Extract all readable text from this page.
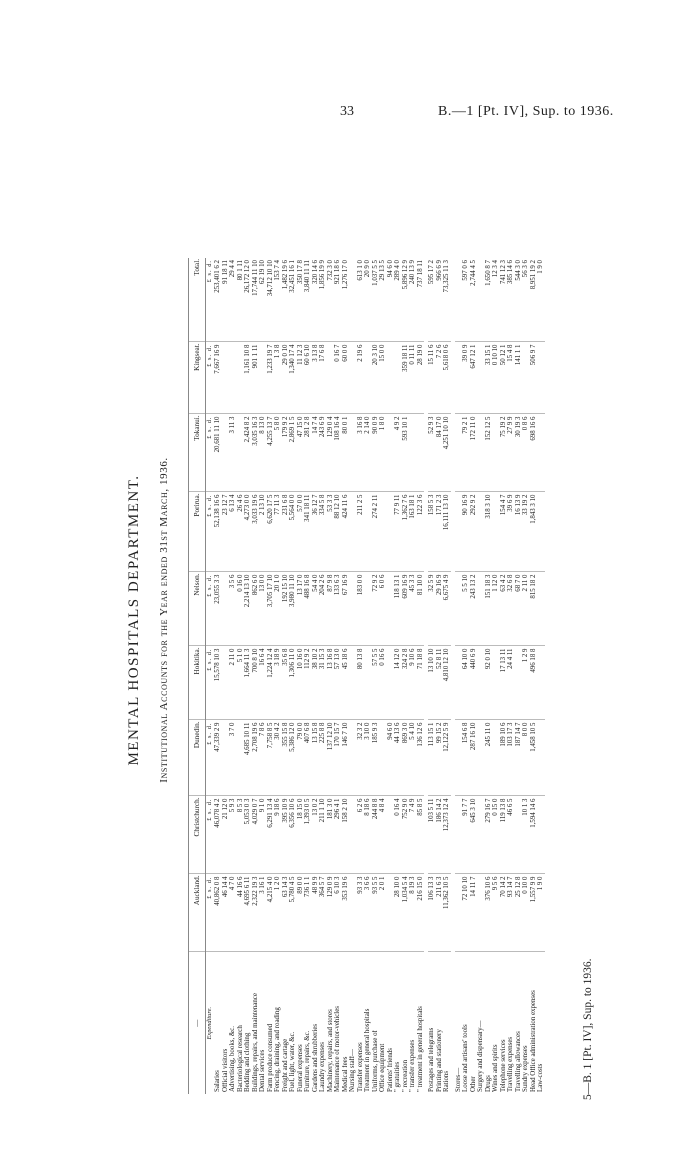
33	B.—1 [Pt. IV], Sup. to 1936.
MENTAL HOSPITALS DEPARTMENT. Institutional Accounts for the Year ended 31st March, 1936.
—	Auckland.	Christchurch.	Dunedin.	Hokitika.	Nelson.	Porirua.	Tokanui.	Kingseat.	Total.
Expenditure.	£ s. d.	£ s. d.	£ s. d.	£ s. d.	£ s. d.	£ s. d.	£ s. d.	£ s. d.	£ s. d.
Salaries	40,862 0 8	46,078 4 2	47,339 2 9	15,578 10 3	23,055 3 3	52,138 16 6	20,681 11 10	7,667 16 9	253,401 6 2
Official visitors	46 14 4	21 12 0				23 12 7			91 18 11
Advertising, books, &c.	4 7 0	5 9 3	3 7 0	2 11 0	3 5 6	6 13 4	3 11 3		29 4 4
Bacteriological research	44 16 6	8 5 3		5 1 0	0 16 0	26 4 6			80 1 11
Bedding and clothing	4,695 6 11	5,053 0 3	4,685 10 11	1,664 11 3	2,214 13 10	4,273 0 0	2,424 8 2	1,161 10 8	26,172 12 0
Buildings, repairs, and maintenance	2,322 19 3	4,029 0 7	2,708 19 6	700 8 10	862 6 0	3,033 19 6	3,035 16 3	901 1 11	17,744 11 10
Dental services	3 16 1	9 1 0	7 8 6	16 6 4	13 0 0	2 13 10	8 13 0		62 19 10
Farm produce consumed	4,215 4 0	6,291 13 4	7,758 8 5	1,224 12 4	3,705 17 10	6,620 17 5	4,255 13 7	1,233 19 7	34,712 10 10
Fencing, draining, and roading	1 2 0	9 18 6	30 4 2	3 18 9	20 1 0	77 11 3	5 8 0	1 3 8	153 7 4
Freight and cartage	63 14 3	395 10 9	355 15 8	35 6 8	192 15 10	231 6 8	179 9 2	29 0 10	1,482 19 6
Fuel, light, water, &c.	5,780 4 5	6,356 10 6	5,386 12 0	1,306 11 0	3,980 11 10	5,564 0 0	2,869 1 5	1,340 17 4	32,451 16 1
Funeral expenses	89 0 0	18 15 0	79 0 0	10 16 0	13 17 0	57 0 0	47 15 0	11 12 3	350 17 8
Furniture, repairs, &c.	736 1 1	1,393 0 5	407 6 8	112 9 2	488 16 8	341 18 11	281 2 8	60 6 10	3,840 11 11
Gardens and shrubberies	48 9 9	13 0 2	13 15 8	38 10 2	54 4 0	36 12 7	14 7 4	3 13 8	320 14 6
Laundry expenses	364 5 7	211 1 10	225 8 8	31 15 3	204 2 6	334 5 8	243 6 9	17 6 8	1,856 19 9
Machinery, repairs, and stores	129 0 9	181 3 0	137 12 10	13 16 8	87 9 8	53 3 3	129 0 4		732 3 0
Maintenance of motor-vehicles	6 10 3	296 4 1	170 15 7	57 13 0	133 6 3	88 12 10	108 16 4	0 16 7	921 18 6
Medical fees	353 19 6	158 2 10	146 7 10	45 18 6	67 16 9	424 11 6	80 0 1	60 0 0	1,276 17 0
Nursing staff—									
Transfer expenses	93 3 3	6 2 6	32 3 2	80 13 8	183 0 0	211 2 5	3 16 8	2 19 6	613 1 0
Treatment in general hospitals	3 6 6	8 18 6	3 10 0				2 14 0		20 9 0
Uniforms, purchase of	93 5 5	244 8 8	185 9 3	57 5 5	72 9 2	274 2 11	90 0 9	20 3 10	1,037 5 5
Office equipment	2 0 1	4 8 4		0 16 6	6 0 6		1 8 0	15 0 0	29 13 5
Patients' friends			94 6 0						94 6 0
" gratuities	28 10 0	0 16 4	44 13 6	14 12 0	118 13 1	77 9 11	4 9 2		289 4 0
" recreation	1,034 5 4	752 9 0	869 3 0	324 2 8	609 16 9	1,362 7 6	593 10 1	359 18 11	5,896 12 9
" transfer expenses	8 19 3	7 4 9	5 4 10	9 10 6	45 3 3	163 18 1		0 11 11	240 13 9
" treatment in general hospitals	216 15 0	85 8 5	136 12 6	71 18 8	81 10 0	122 3 6		28 19 0	737 18 11

Postages and telegrams	106 13 3	103 5 11	113 15 1	13 10 10	32 5 9	158 5 3	52 9 3	15 11 6	595 17 2
Printing and stationery	211 6 3	186 14 2	99 15 2	52 8 11	29 16 9	171 2 3	84 17 0	7 2 6	966 6 9
Rations	11,362 10 5	12,373 12 4	12,122 5 9	4,810 12 10	6,675 4 9	16,111 13 10	4,251 10 10	5,618 0 6	73,325 11 3

Stores—									
Loose and artisans' tools	72 10 10	91 7 7	154 6 8	64 10 0	5 5 10	90 16 9	79 2 1	39 0 9	597 0 6
Other	14 11 7	645 3 10	287 16 10	440 6 9	243 13 2	292 9 2	172 11 0	647 12 1	2,744 4 5
Surgery and dispensary—									
Drugs	376 10 6	279 16 7	245 11 0	92 0 10	151 18 3	318 3 10	152 12 5	33 15 1	1,650 8 7
Wines and spirits	9 5 6	0 15 0			1 12 0			0 10 10	12 3 4
Telephone services	70 14 2	119 13 8	189 10 6	17 13 11	63 4 2	154 4 7	75 19 2	50 12 1	741 12 3
Travelling expenses	93 14 7	46 6 5	103 17 3	24 4 11	32 6 8	39 6 9	27 9 9	15 4 8	385 14 6
Travelling allowances	25 12 8		187 14 7		68 7 0	16 13 9	30 19 3	141 1 1	544 3 0
Sundry expenses	0 10 0	10 1 3	8 0 0	1 2 9	2 11 0	33 19 2	0 8 6		56 3 6
Head Office administration expenses	1,557 9 9	1,594 14 6	1,458 10 5	496 18 8	815 18 2	1,843 3 10	698 16 6	506 9 7	8,951 19 2
Law-costs	1 9 0								1 9 0
5—B. 1 [Pt. IV], Sup. to 1936.
